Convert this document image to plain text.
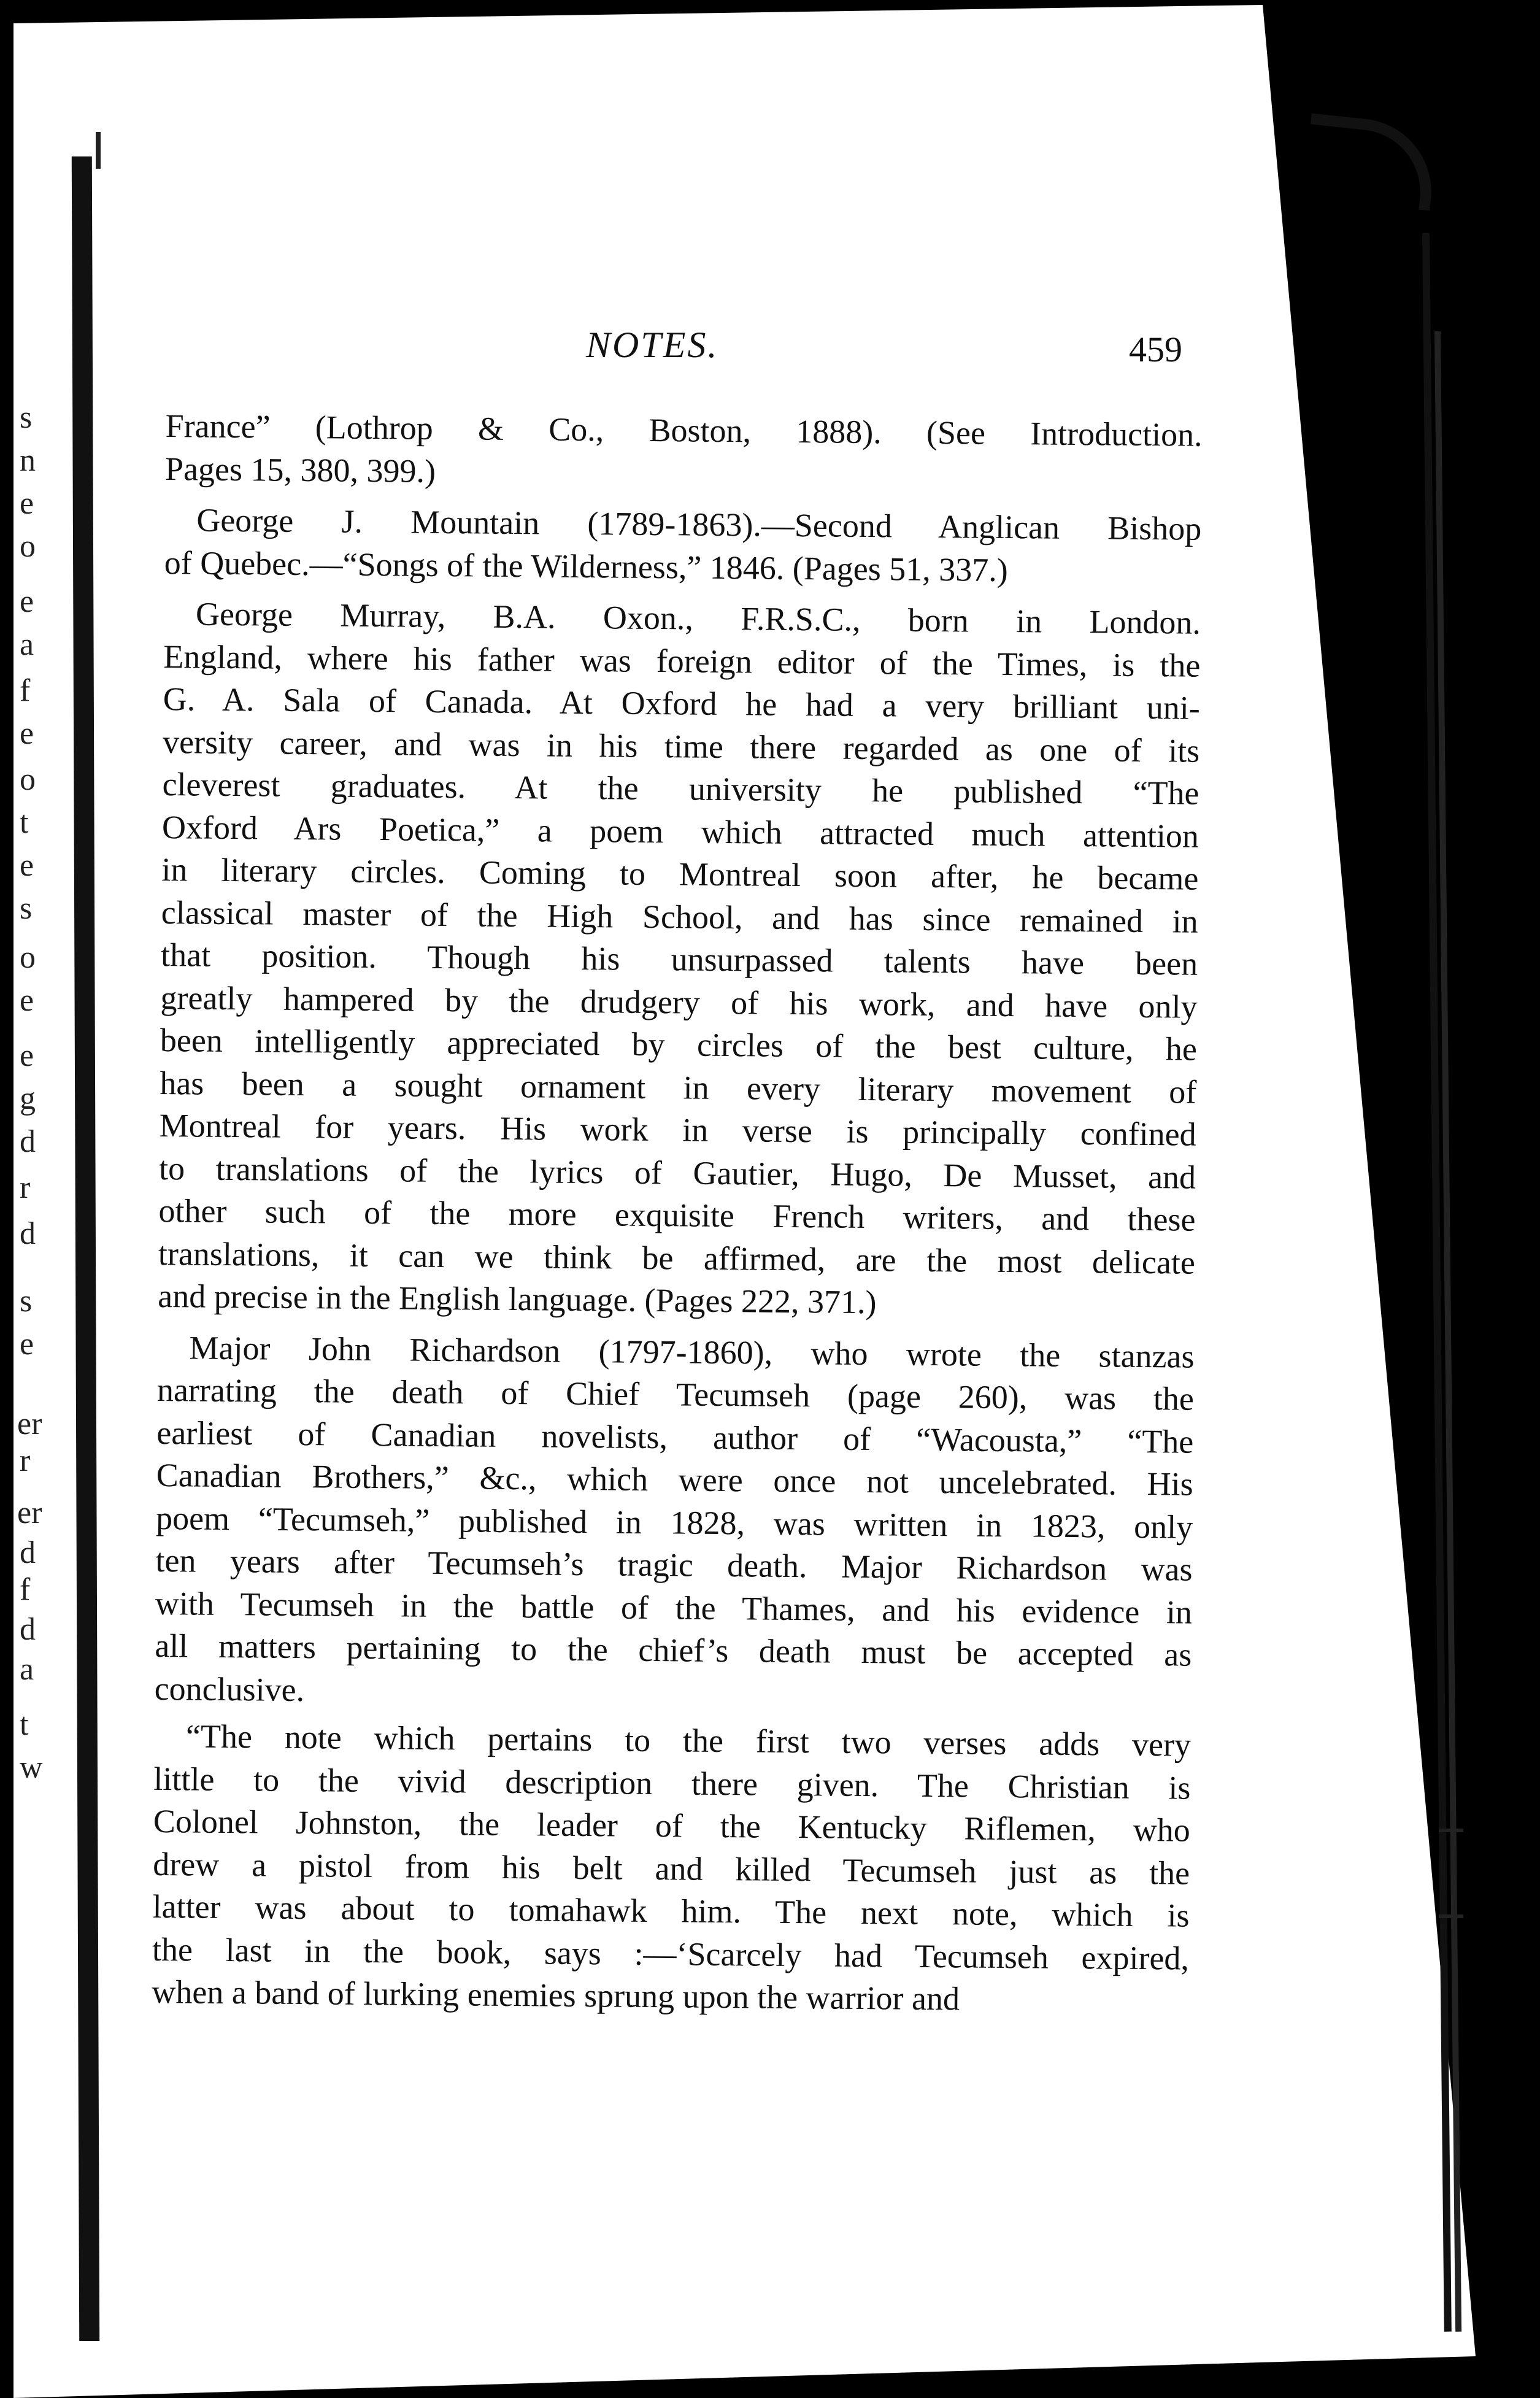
s
n
e
o
e
a
f
e
o
t
e
s
o
e
e
g
d
r
d
s
e
er
r
er
d
f
d
a
t
w
NOTES.	459
France” (Lothrop & Co., Boston, 1888). (See Introduction.
Pages 15, 380, 399.)
George J. Mountain (1789-1863).—Second Anglican Bishop
of Quebec.—“Songs of the Wilderness,” 1846. (Pages 51, 337.)
George Murray, B.A. Oxon., F.R.S.C., born in London.
England, where his father was foreign editor of the Times, is the
G. A. Sala of Canada. At Oxford he had a very brilliant uni-
versity career, and was in his time there regarded as one of its
cleverest graduates. At the university he published “The
Oxford Ars Poetica,” a poem which attracted much attention
in literary circles. Coming to Montreal soon after, he became
classical master of the High School, and has since remained in
that position. Though his unsurpassed talents have been
greatly hampered by the drudgery of his work, and have only
been intelligently appreciated by circles of the best culture, he
has been a sought ornament in every literary movement of
Montreal for years. His work in verse is principally confined
to translations of the lyrics of Gautier, Hugo, De Musset, and
other such of the more exquisite French writers, and these
translations, it can we think be affirmed, are the most delicate
and precise in the English language. (Pages 222, 371.)
Major John Richardson (1797-1860), who wrote the stanzas
narrating the death of Chief Tecumseh (page 260), was the
earliest of Canadian novelists, author of “Wacousta,” “The
Canadian Brothers,” &c., which were once not uncelebrated. His
poem “Tecumseh,” published in 1828, was written in 1823, only
ten years after Tecumseh’s tragic death. Major Richardson was
with Tecumseh in the battle of the Thames, and his evidence in
all matters pertaining to the chief’s death must be accepted as
conclusive.
“The note which pertains to the first two verses adds very
little to the vivid description there given. The Christian is
Colonel Johnston, the leader of the Kentucky Riflemen, who
drew a pistol from his belt and killed Tecumseh just as the
latter was about to tomahawk him. The next note, which is
the last in the book, says :—‘Scarcely had Tecumseh expired,
when a band of lurking enemies sprung upon the warrior and
